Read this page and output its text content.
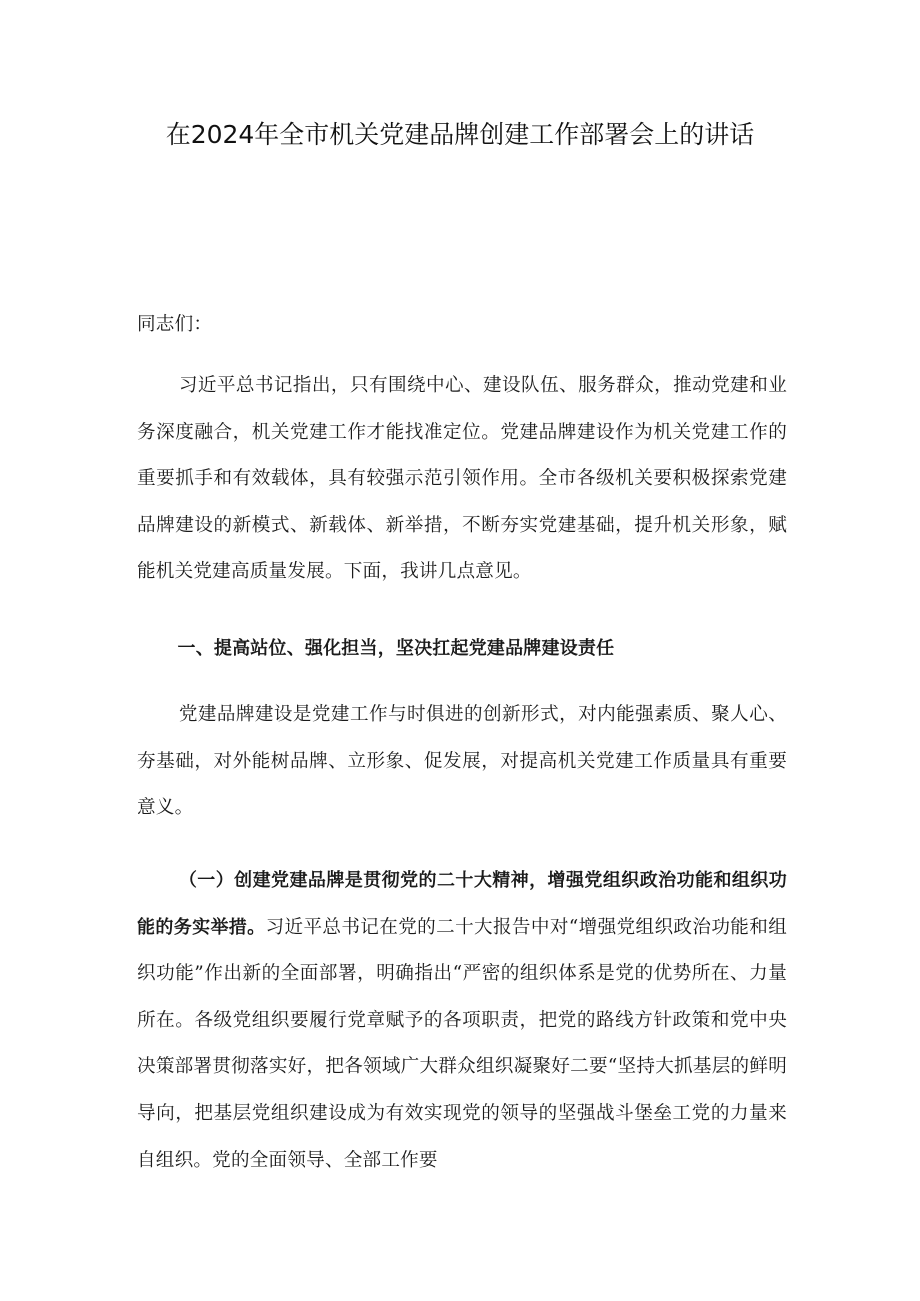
在2024年全市机关党建品牌创建工作部署会上的讲话

同志们：

习近平总书记指出，只有围绕中心、建设队伍、服务群众，推动党建和业务深度融合，机关党建工作才能找准定位。党建品牌建设作为机关党建工作的重要抓手和有效载体，具有较强示范引领作用。全市各级机关要积极探索党建品牌建设的新模式、新载体、新举措，不断夯实党建基础，提升机关形象，赋能机关党建高质量发展。下面，我讲几点意见。

一、提高站位、强化担当，坚决扛起党建品牌建设责任

党建品牌建设是党建工作与时俱进的创新形式，对内能强素质、聚人心、夯基础，对外能树品牌、立形象、促发展，对提高机关党建工作质量具有重要意义。

（一）创建党建品牌是贯彻党的二十大精神，增强党组织政治功能和组织功能的务实举措。习近平总书记在党的二十大报告中对“增强党组织政治功能和组织功能”作出新的全面部署，明确指出“严密的组织体系是党的优势所在、力量所在。各级党组织要履行党章赋予的各项职责，把党的路线方针政策和党中央决策部署贯彻落实好，把各领域广大群众组织凝聚好二要“坚持大抓基层的鲜明导向，把基层党组织建设成为有效实现党的领导的坚强战斗堡垒工党的力量来自组织。党的全面领导、全部工作要
